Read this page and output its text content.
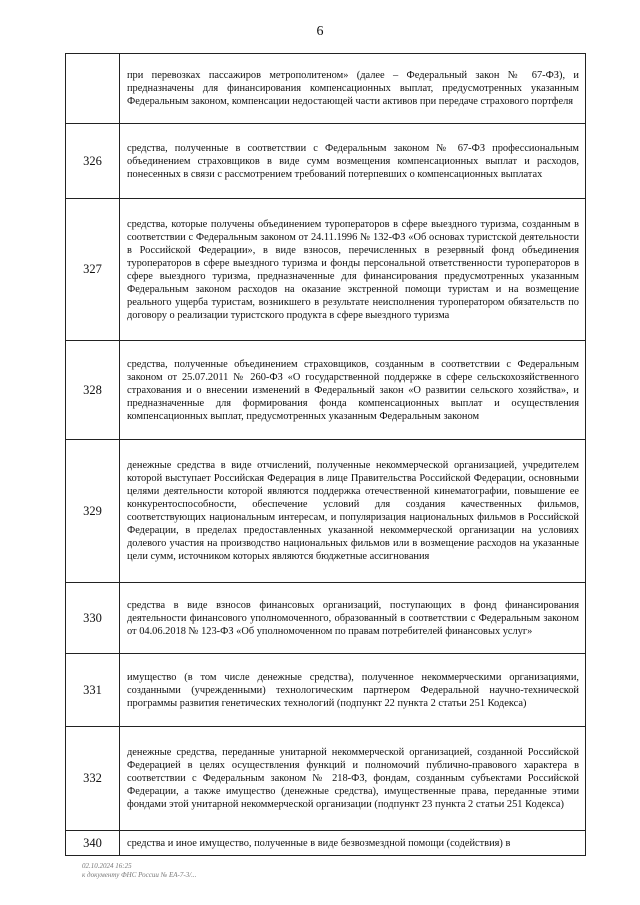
6
	при перевозках пассажиров метрополитеном» (далее – Федеральный закон № 67-ФЗ), и предназначены для финансирования компенсационных выплат, предусмотренных указанным Федеральным законом, компенсации недостающей части активов при передаче страхового портфеля
326	средства, полученные в соответствии с Федеральным законом № 67-ФЗ профессиональным объединением страховщиков в виде сумм возмещения компенсационных выплат и расходов, понесенных в связи с рассмотрением требований потерпевших о компенсационных выплатах
327	средства, которые получены объединением туроператоров в сфере выездного туризма, созданным в соответствии с Федеральным законом от 24.11.1996 № 132-ФЗ «Об основах туристской деятельности в Российской Федерации», в виде взносов, перечисленных в резервный фонд объединения туроператоров в сфере выездного туризма и фонды персональной ответственности туроператоров в сфере выездного туризма, предназначенные для финансирования предусмотренных указанным Федеральным законом расходов на оказание экстренной помощи туристам и на возмещение реального ущерба туристам, возникшего в результате неисполнения туроператором обязательств по договору о реализации туристского продукта в сфере выездного туризма
328	средства, полученные объединением страховщиков, созданным в соответствии с Федеральным законом от 25.07.2011 № 260-ФЗ «О государственной поддержке в сфере сельскохозяйственного страхования и о внесении изменений в Федеральный закон «О развитии сельского хозяйства», и предназначенные для формирования фонда компенсационных выплат и осуществления компенсационных выплат, предусмотренных указанным Федеральным законом
329	денежные средства в виде отчислений, полученные некоммерческой организацией, учредителем которой выступает Российская Федерация в лице Правительства Российской Федерации, основными целями деятельности которой являются поддержка отечественной кинематографии, повышение ее конкурентоспособности, обеспечение условий для создания качественных фильмов, соответствующих национальным интересам, и популяризация национальных фильмов в Российской Федерации, в пределах предоставленных указанной некоммерческой организации на условиях долевого участия на производство национальных фильмов или в возмещение расходов на указанные цели сумм, источником которых являются бюджетные ассигнования
330	средства в виде взносов финансовых организаций, поступающих в фонд финансирования деятельности финансового уполномоченного, образованный в соответствии с Федеральным законом от 04.06.2018 № 123-ФЗ «Об уполномоченном по правам потребителей финансовых услуг»
331	имущество (в том числе денежные средства), полученное некоммерческими организациями, созданными (учрежденными) технологическим партнером Федеральной научно-технической программы развития генетических технологий (подпункт 22 пункта 2 статьи 251 Кодекса)
332	денежные средства, переданные унитарной некоммерческой организацией, созданной Российской Федерацией в целях осуществления функций и полномочий публично-правового характера в соответствии с Федеральным законом № 218-ФЗ, фондам, созданным субъектами Российской Федерации, а также имущество (денежные средства), имущественные права, переданные этими фондами этой унитарной некоммерческой организации (подпункт 23 пункта 2 статьи 251 Кодекса)
340	средства и иное имущество, полученные в виде безвозмездной помощи (содействия) в
02.10.2024 16:25
к документу ФНС России № ЕА-7-3/...
